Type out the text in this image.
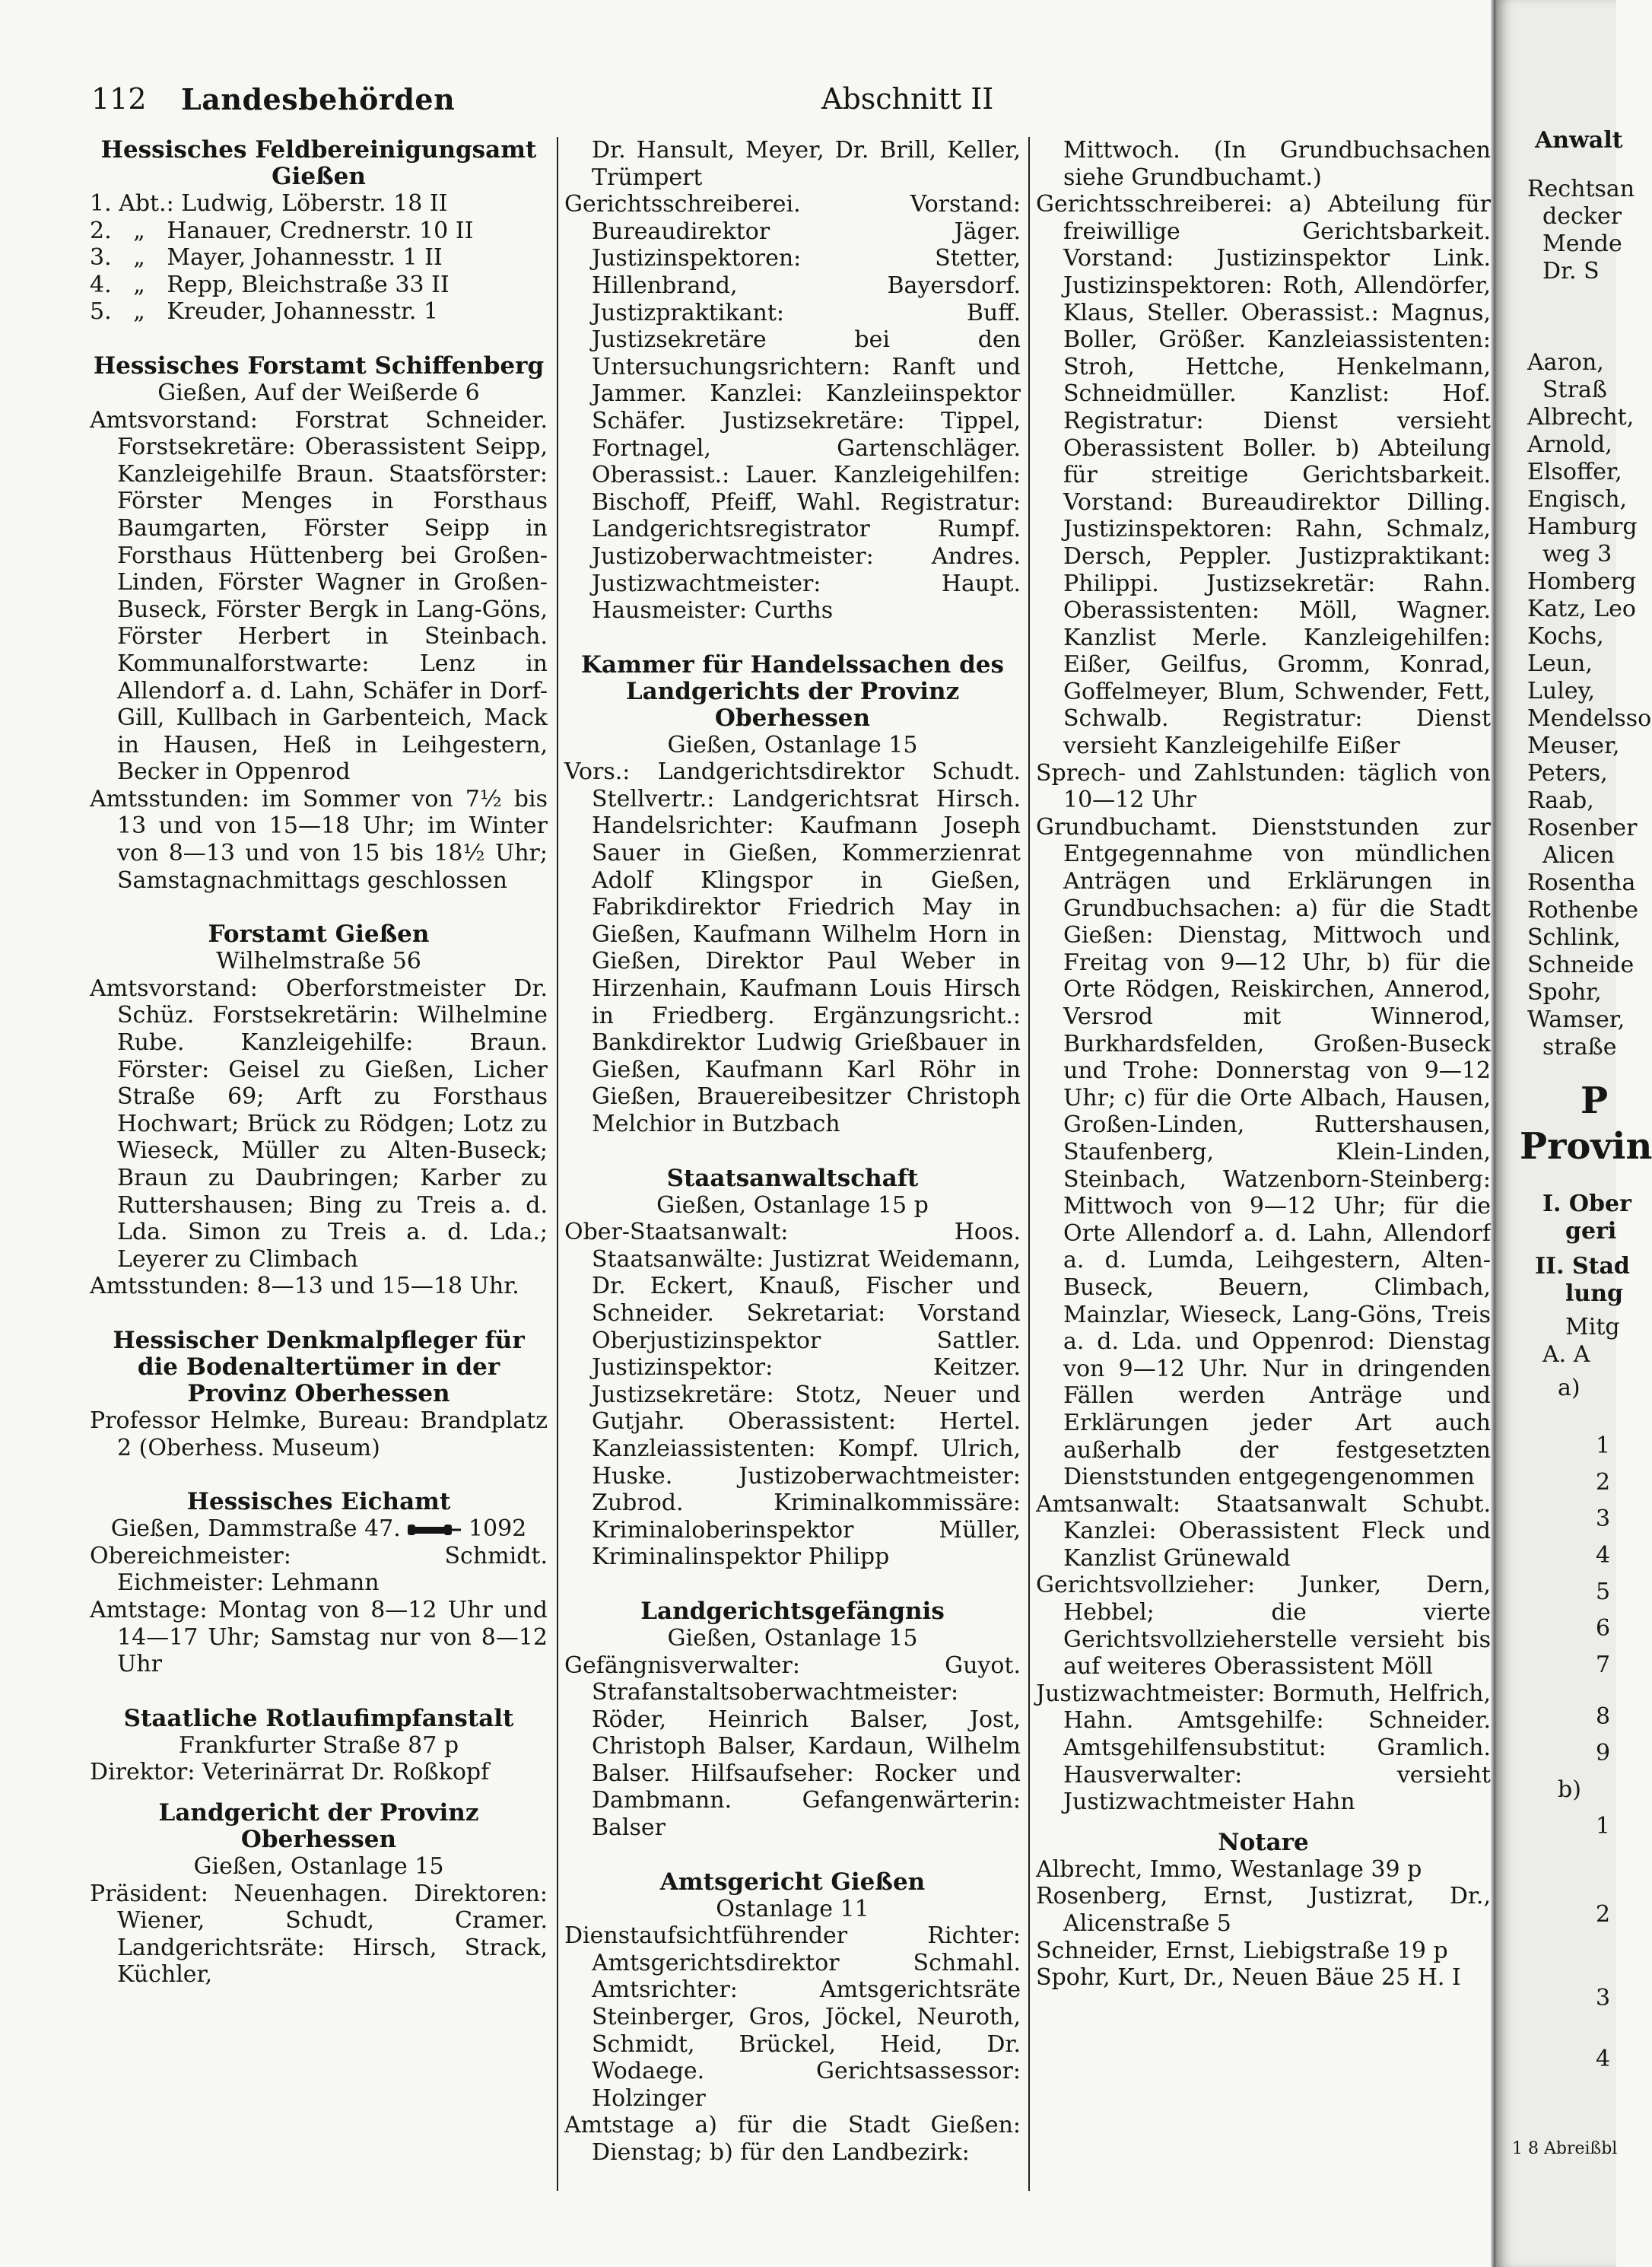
112 Landesbehörden	Abschnitt II

Hessisches Feldbereinigungsamt Gießen

1. Abt.: Ludwig, Löberstr. 18 II

2.   „   Hanauer, Crednerstr. 10 II

3.   „   Mayer, Johannesstr. 1 II

4.   „   Repp, Bleichstraße 33 II

5.   „   Kreuder, Johannesstr. 1

Hessisches Forstamt Schiffenberg

Gießen, Auf der Weißerde 6

Amtsvorstand: Forstrat Schneider. Forstsekretäre: Oberassistent Seipp, Kanzleigehilfe Braun. Staatsförster: Förster Menges in Forsthaus Baumgarten, Förster Seipp in Forsthaus Hüttenberg bei Großen-Linden, Förster Wagner in Großen-Buseck, Förster Bergk in Lang-Göns, Förster Herbert in Steinbach. Kommunalforstwarte: Lenz in Allendorf a. d. Lahn, Schäfer in Dorf-Gill, Kullbach in Garbenteich, Mack in Hausen, Heß in Leihgestern, Becker in Oppenrod

Amtsstunden: im Sommer von 7½ bis 13 und von 15—18 Uhr; im Winter von 8—13 und von 15 bis 18½ Uhr; Samstagnachmittags geschlossen

Forstamt Gießen

Wilhelmstraße 56

Amtsvorstand: Oberforstmeister Dr. Schüz. Forstsekretärin: Wilhelmine Rube. Kanzleigehilfe: Braun. Förster: Geisel zu Gießen, Licher Straße 69; Arft zu Forsthaus Hochwart; Brück zu Rödgen; Lotz zu Wieseck, Müller zu Alten-Buseck; Braun zu Daubringen; Karber zu Ruttershausen; Bing zu Treis a. d. Lda. Simon zu Treis a. d. Lda.; Leyerer zu Climbach

Amtsstunden: 8—13 und 15—18 Uhr.

Hessischer Denkmalpfleger für die Bodenaltertümer in der Provinz Oberhessen

Professor Helmke, Bureau: Brandplatz 2 (Oberhess. Museum)

Hessisches Eichamt

Gießen, Dammstraße 47.	1092

Obereichmeister: Schmidt. Eichmeister: Lehmann

Amtstage: Montag von 8—12 Uhr und 14—17 Uhr; Samstag nur von 8—12 Uhr

Staatliche Rotlaufimpfanstalt

Frankfurter Straße 87 p

Direktor: Veterinärrat Dr. Roßkopf

Landgericht der Provinz Oberhessen

Gießen, Ostanlage 15

Präsident: Neuenhagen. Direktoren: Wiener, Schudt, Cramer. Landgerichtsräte: Hirsch, Strack, Küchler,

Dr. Hansult, Meyer, Dr. Brill, Keller, Trümpert

Gerichtsschreiberei. Vorstand: Bureaudirektor Jäger. Justizinspektoren: Stetter, Hillenbrand, Bayersdorf. Justizpraktikant: Buff. Justizsekretäre bei den Untersuchungsrichtern: Ranft und Jammer. Kanzlei: Kanzleiinspektor Schäfer. Justizsekretäre: Tippel, Fortnagel, Gartenschläger. Oberassist.: Lauer. Kanzleigehilfen: Bischoff, Pfeiff, Wahl. Registratur: Landgerichtsregistrator Rumpf. Justizoberwachtmeister: Andres. Justizwachtmeister: Haupt. Hausmeister: Curths

Kammer für Handelssachen des Landgerichts der Provinz Oberhessen

Gießen, Ostanlage 15

Vors.: Landgerichtsdirektor Schudt. Stellvertr.: Landgerichtsrat Hirsch. Handelsrichter: Kaufmann Joseph Sauer in Gießen, Kommerzienrat Adolf Klingspor in Gießen, Fabrikdirektor Friedrich May in Gießen, Kaufmann Wilhelm Horn in Gießen, Direktor Paul Weber in Hirzenhain, Kaufmann Louis Hirsch in Friedberg. Ergänzungsricht.: Bankdirektor Ludwig Grießbauer in Gießen, Kaufmann Karl Röhr in Gießen, Brauereibesitzer Christoph Melchior in Butzbach

Staatsanwaltschaft

Gießen, Ostanlage 15 p

Ober-Staatsanwalt: Hoos. Staatsanwälte: Justizrat Weidemann, Dr. Eckert, Knauß, Fischer und Schneider. Sekretariat: Vorstand Oberjustizinspektor Sattler. Justizinspektor: Keitzer. Justizsekretäre: Stotz, Neuer und Gutjahr. Oberassistent: Hertel. Kanzleiassistenten: Kompf. Ulrich, Huske. Justizoberwachtmeister: Zubrod. Kriminalkommissäre: Kriminaloberinspektor Müller, Kriminalinspektor Philipp

Landgerichtsgefängnis

Gießen, Ostanlage 15

Gefängnisverwalter: Guyot. Strafanstaltsoberwachtmeister: Röder, Heinrich Balser, Jost, Christoph Balser, Kardaun, Wilhelm Balser. Hilfsaufseher: Rocker und Dambmann. Gefangenwärterin: Balser

Amtsgericht Gießen

Ostanlage 11

Dienstaufsichtführender Richter: Amtsgerichtsdirektor Schmahl. Amtsrichter: Amtsgerichtsräte Steinberger, Gros, Jöckel, Neuroth, Schmidt, Brückel, Heid, Dr. Wodaege. Gerichtsassessor: Holzinger

Amtstage a) für die Stadt Gießen: Dienstag; b) für den Landbezirk:

Mittwoch. (In Grundbuchsachen siehe Grundbuchamt.)

Gerichtsschreiberei: a) Abteilung für freiwillige Gerichtsbarkeit. Vorstand: Justizinspektor Link. Justizinspektoren: Roth, Allendörfer, Klaus, Steller. Oberassist.: Magnus, Boller, Größer. Kanzleiassistenten: Stroh, Hettche, Henkelmann, Schneidmüller. Kanzlist: Hof. Registratur: Dienst versieht Oberassistent Boller. b) Abteilung für streitige Gerichtsbarkeit. Vorstand: Bureaudirektor Dilling. Justizinspektoren: Rahn, Schmalz, Dersch, Peppler. Justizpraktikant: Philippi. Justizsekretär: Rahn. Oberassistenten: Möll, Wagner. Kanzlist Merle. Kanzleigehilfen: Eißer, Geilfus, Gromm, Konrad, Goffelmeyer, Blum, Schwender, Fett, Schwalb. Registratur: Dienst versieht Kanzleigehilfe Eißer

Sprech- und Zahlstunden: täglich von 10—12 Uhr

Grundbuchamt. Dienststunden zur Entgegennahme von mündlichen Anträgen und Erklärungen in Grundbuchsachen: a) für die Stadt Gießen: Dienstag, Mittwoch und Freitag von 9—12 Uhr, b) für die Orte Rödgen, Reiskirchen, Annerod, Versrod mit Winnerod, Burkhardsfelden, Großen-Buseck und Trohe: Donnerstag von 9—12 Uhr; c) für die Orte Albach, Hausen, Großen-Linden, Ruttershausen, Staufenberg, Klein-Linden, Steinbach, Watzenborn-Steinberg: Mittwoch von 9—12 Uhr; für die Orte Allendorf a. d. Lahn, Allendorf a. d. Lumda, Leihgestern, Alten-Buseck, Beuern, Climbach, Mainzlar, Wieseck, Lang-Göns, Treis a. d. Lda. und Oppenrod: Dienstag von 9—12 Uhr. Nur in dringenden Fällen werden Anträge und Erklärungen jeder Art auch außerhalb der festgesetzten Dienststunden entgegengenommen

Amtsanwalt: Staatsanwalt Schubt. Kanzlei: Oberassistent Fleck und Kanzlist Grünewald

Gerichtsvollzieher: Junker, Dern, Hebbel; die vierte Gerichtsvollzieherstelle versieht bis auf weiteres Oberassistent Möll

Justizwachtmeister: Bormuth, Helfrich, Hahn. Amtsgehilfe: Schneider. Amtsgehilfensubstitut: Gramlich. Hausverwalter: versieht Justizwachtmeister Hahn

Notare

Albrecht, Immo, Westanlage 39 p

Rosenberg, Ernst, Justizrat, Dr., Alicenstraße 5

Schneider, Ernst, Liebigstraße 19 p

Spohr, Kurt, Dr., Neuen Bäue 25 H. I

Anwalt
Rechtsan
decker
Mende
Dr. S
Aaron,
Straß
Albrecht,
Arnold,
Elsoffer,
Engisch,
Hamburg
weg 3
Homberg
Katz, Leo
Kochs,
Leun,
Luley,
Mendelsso
Meuser,
Peters,
Raab,
Rosenber
Alicen
Rosentha
Rothenbe
Schlink,
Schneide
Spohr,
Wamser,
straße
P
Provin
I. Ober
geri
II. Stad
lung
Mitg
A. A
a)
1
2
3
4
5
6
7
8
9
b)
1
2
3
4
1 8 Abreißbl
